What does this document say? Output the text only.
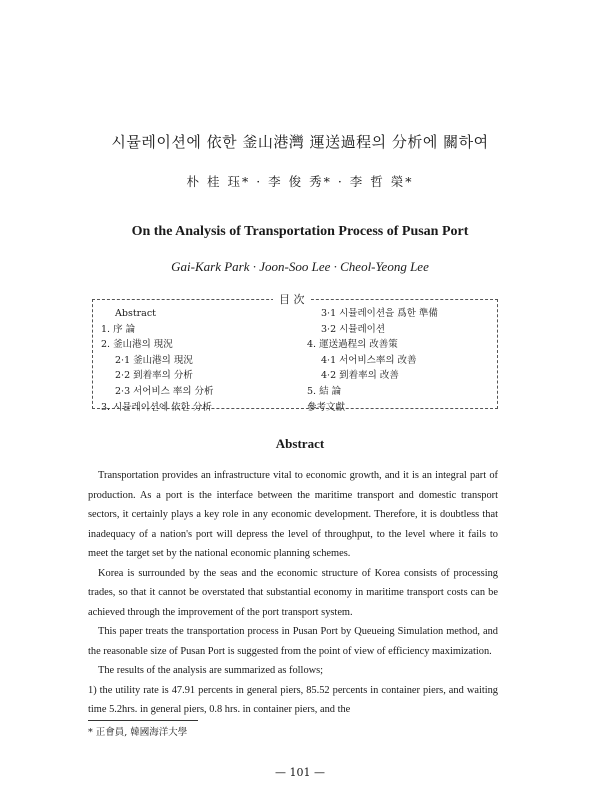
시뮬레이션에 依한 釜山港灣 運送過程의 分析에 關하여
朴 桂 珏* · 李 俊 秀* · 李 哲 榮*
On the Analysis of Transportation Process of Pusan Port
Gai-Kark Park · Joon-Soo Lee · Cheol-Yeong Lee
Abstract
1. 序 論
2. 釜山港의 現況
2·1 釜山港의 現況
2·2 到着率의 分析
2·3 서어비스 率의 分析
3. 시뮬레이션에 依한 分析
3·1 시뮬레이션을 爲한 準備
3·2 시뮬레이션
4. 運送過程의 改善策
4·1 서어비스率의 改善
4·2 到着率의 改善
5. 結 論
參考文獻
目 次
Abstract

Transportation provides an infrastructure vital to economic growth, and it is an integral part of production. As a port is the interface between the maritime transport and domestic transport sectors, it certainly plays a key role in any economic development. Therefore, it is doubtless that inadequacy of a nation's port will depress the level of throughput, to the level where it fails to meet the target set by the national economic planning schemes.

Korea is surrounded by the seas and the economic structure of Korea consists of processing trades, so that it cannot be overstated that substantial economy in maritime transport costs can be achieved through the improvement of the port transport system.

This paper treats the transportation process in Pusan Port by Queueing Simulation method, and the reasonable size of Pusan Port is suggested from the point of view of efficiency maximization.

The results of the analysis are summarized as follows;

1) the utility rate is 47.91 percents in general piers, 85.52 percents in container piers, and waiting time 5.2hrs. in general piers, 0.8 hrs. in container piers, and the

* 正會員, 韓國海洋大學
— 101 —
